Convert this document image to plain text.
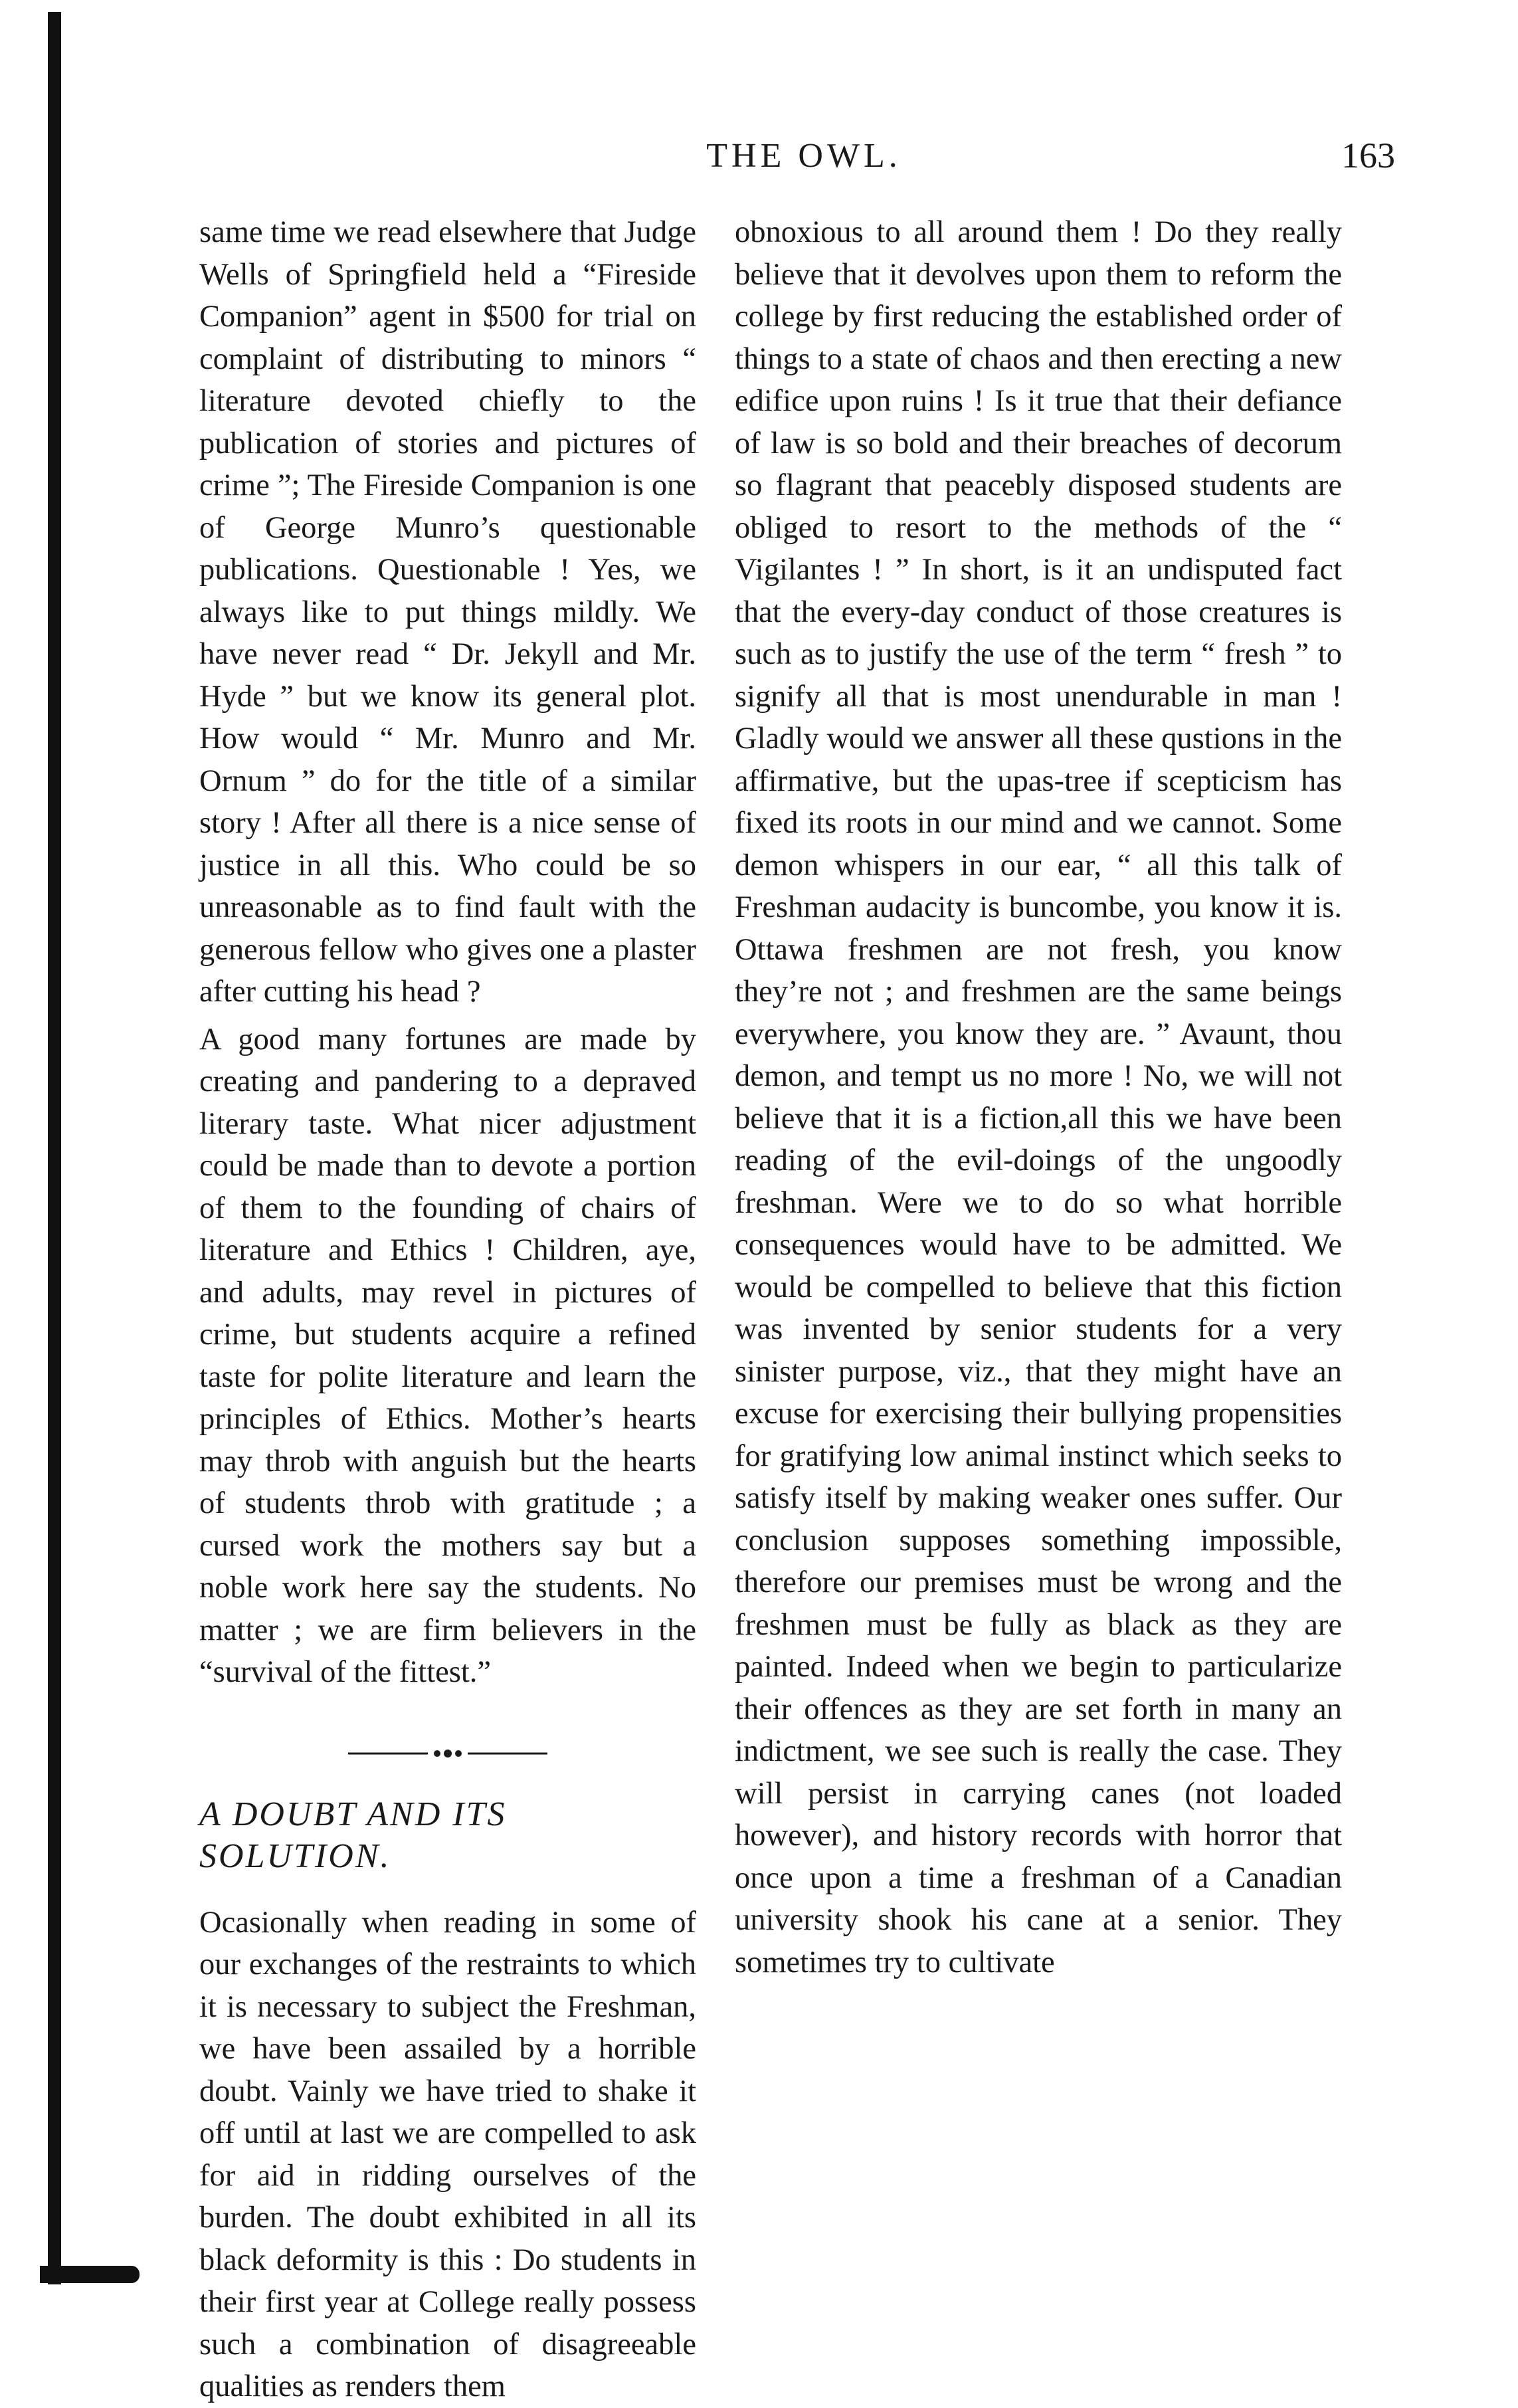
THE OWL.	163

same time we read elsewhere that Judge Wells of Springfield held a “Fireside Companion” agent in $500 for trial on complaint of distributing to minors “ literature devoted chiefly to the publication of stories and pictures of crime ”; The Fireside Companion is one of George Munro’s questionable publications. Questionable ! Yes, we always like to put things mildly. We have never read “ Dr. Jekyll and Mr. Hyde ” but we know its general plot. How would “ Mr. Munro and Mr. Ornum ” do for the title of a similar story ! After all there is a nice sense of justice in all this. Who could be so unreasonable as to find fault with the generous fellow who gives one a plaster after cutting his head ?

A good many fortunes are made by creating and pandering to a depraved literary taste. What nicer adjustment could be made than to devote a portion of them to the founding of chairs of literature and Ethics ! Children, aye, and adults, may revel in pictures of crime, but students acquire a refined taste for polite literature and learn the principles of Ethics. Mother’s hearts may throb with anguish but the hearts of students throb with gratitude ; a cursed work the mothers say but a noble work here say the students. No matter ; we are firm believers in the “survival of the fittest.”

A DOUBT AND ITS SOLUTION.

Ocasionally when reading in some of our exchanges of the restraints to which it is necessary to subject the Freshman, we have been assailed by a horrible doubt. Vainly we have tried to shake it off until at last we are compelled to ask for aid in ridding ourselves of the burden. The doubt exhibited in all its black deformity is this : Do students in their first year at College really possess such a combination of disagreeable qualities as renders them

obnoxious to all around them ! Do they really believe that it devolves upon them to reform the college by first reducing the established order of things to a state of chaos and then erecting a new edifice upon ruins ! Is it true that their defiance of law is so bold and their breaches of decorum so flagrant that peacebly disposed students are obliged to resort to the methods of the “ Vigilantes ! ” In short, is it an undisputed fact that the every-day conduct of those creatures is such as to justify the use of the term “ fresh ” to signify all that is most unendurable in man ! Gladly would we answer all these qustions in the affirmative, but the upas-tree if scepticism has fixed its roots in our mind and we cannot. Some demon whispers in our ear, “ all this talk of Freshman audacity is buncombe, you know it is. Ottawa freshmen are not fresh, you know they’re not ; and freshmen are the same beings everywhere, you know they are. ” Avaunt, thou demon, and tempt us no more ! No, we will not believe that it is a fiction,all this we have been reading of the evil-doings of the ungoodly freshman. Were we to do so what horrible consequences would have to be admitted. We would be compelled to believe that this fiction was invented by senior students for a very sinister purpose, viz., that they might have an excuse for exercising their bullying propensities for gratifying low animal instinct which seeks to satisfy itself by making weaker ones suffer. Our conclusion supposes something impossible, therefore our premises must be wrong and the freshmen must be fully as black as they are painted. Indeed when we begin to particularize their offences as they are set forth in many an indictment, we see such is really the case. They will persist in carrying canes (not loaded however), and history records with horror that once upon a time a freshman of a Canadian university shook his cane at a senior. They sometimes try to cultivate
